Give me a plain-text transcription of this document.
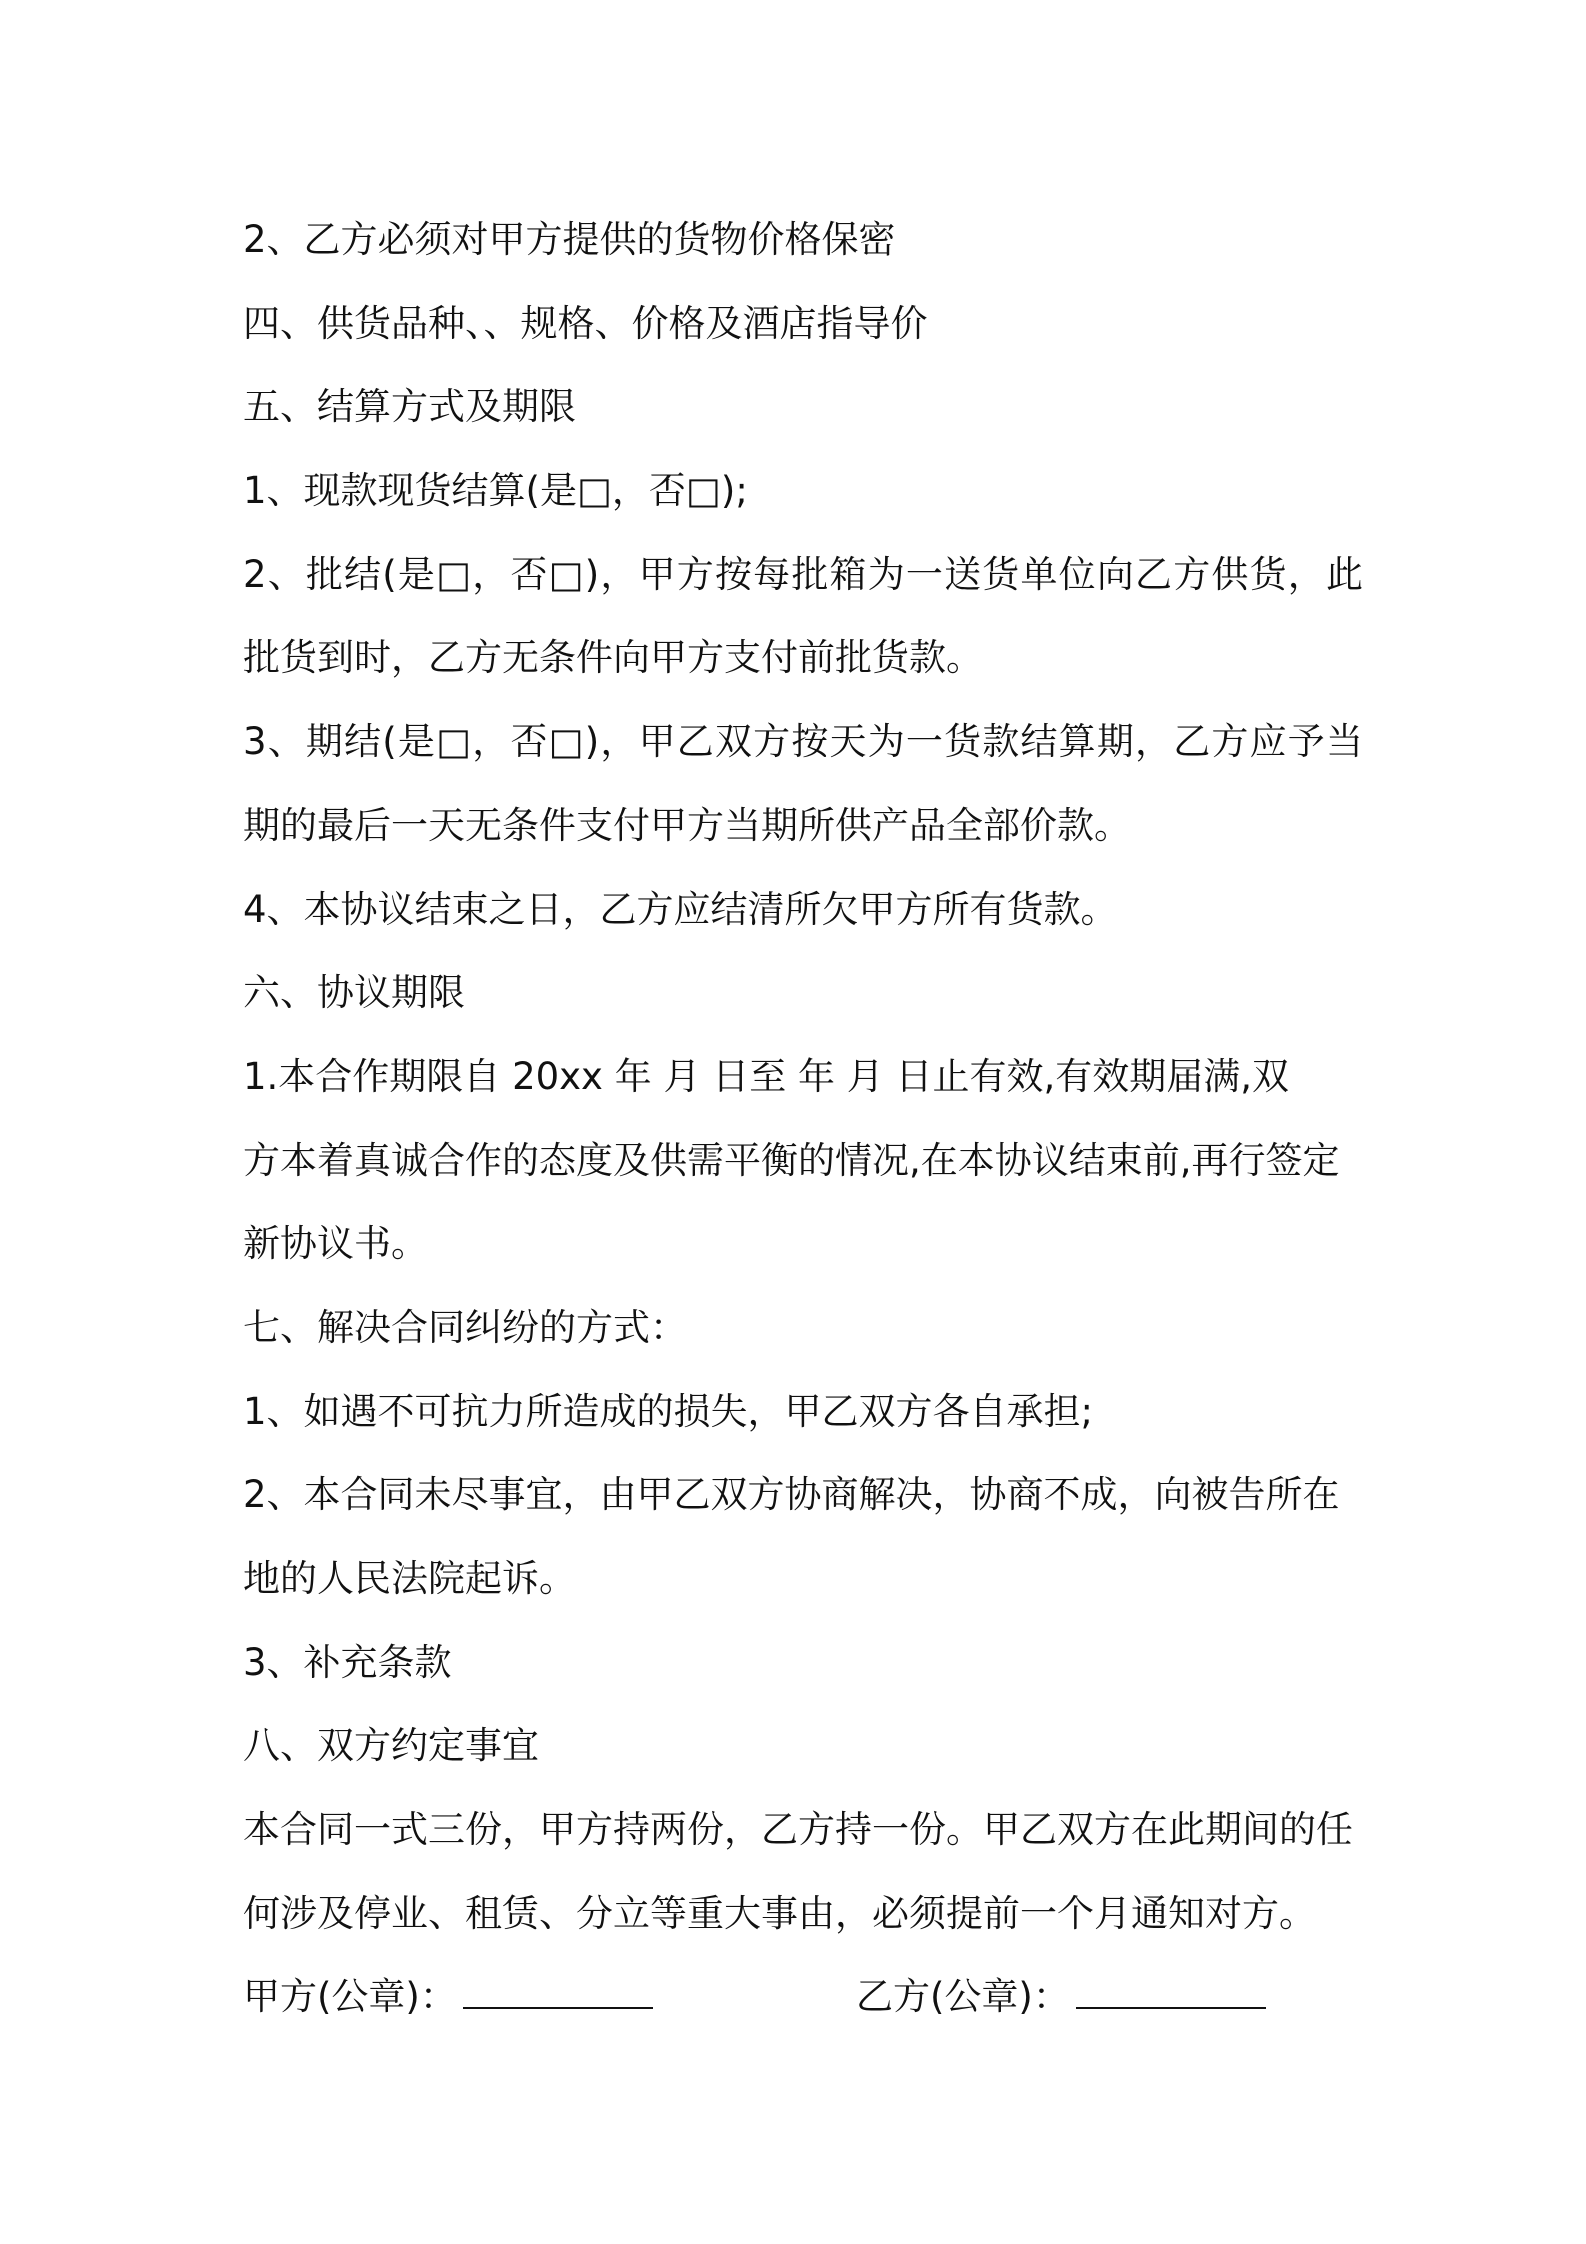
2、乙方必须对甲方提供的货物价格保密
四、供货品种、、规格、价格及酒店指导价
五、结算方式及期限
1、现款现货结算(是□，否□);
2、批结(是□，否□)，甲方按每批箱为一送货单位向乙方供货，此
批货到时，乙方无条件向甲方支付前批货款。
3、期结(是□，否□)，甲乙双方按天为一货款结算期，乙方应予当
期的最后一天无条件支付甲方当期所供产品全部价款。
4、本协议结束之日，乙方应结清所欠甲方所有货款。
六、协议期限
1.本合作期限自 20xx 年 月 日至 年 月 日止有效,有效期届满,双
方本着真诚合作的态度及供需平衡的情况,在本协议结束前,再行签定
新协议书。
七、解决合同纠纷的方式：
1、如遇不可抗力所造成的损失，甲乙双方各自承担;
2、本合同未尽事宜，由甲乙双方协商解决，协商不成，向被告所在
地的人民法院起诉。
3、补充条款
八、双方约定事宜
本合同一式三份，甲方持两份，乙方持一份。甲乙双方在此期间的任
何涉及停业、租赁、分立等重大事由，必须提前一个月通知对方。
甲方(公章)：	乙方(公章)：
